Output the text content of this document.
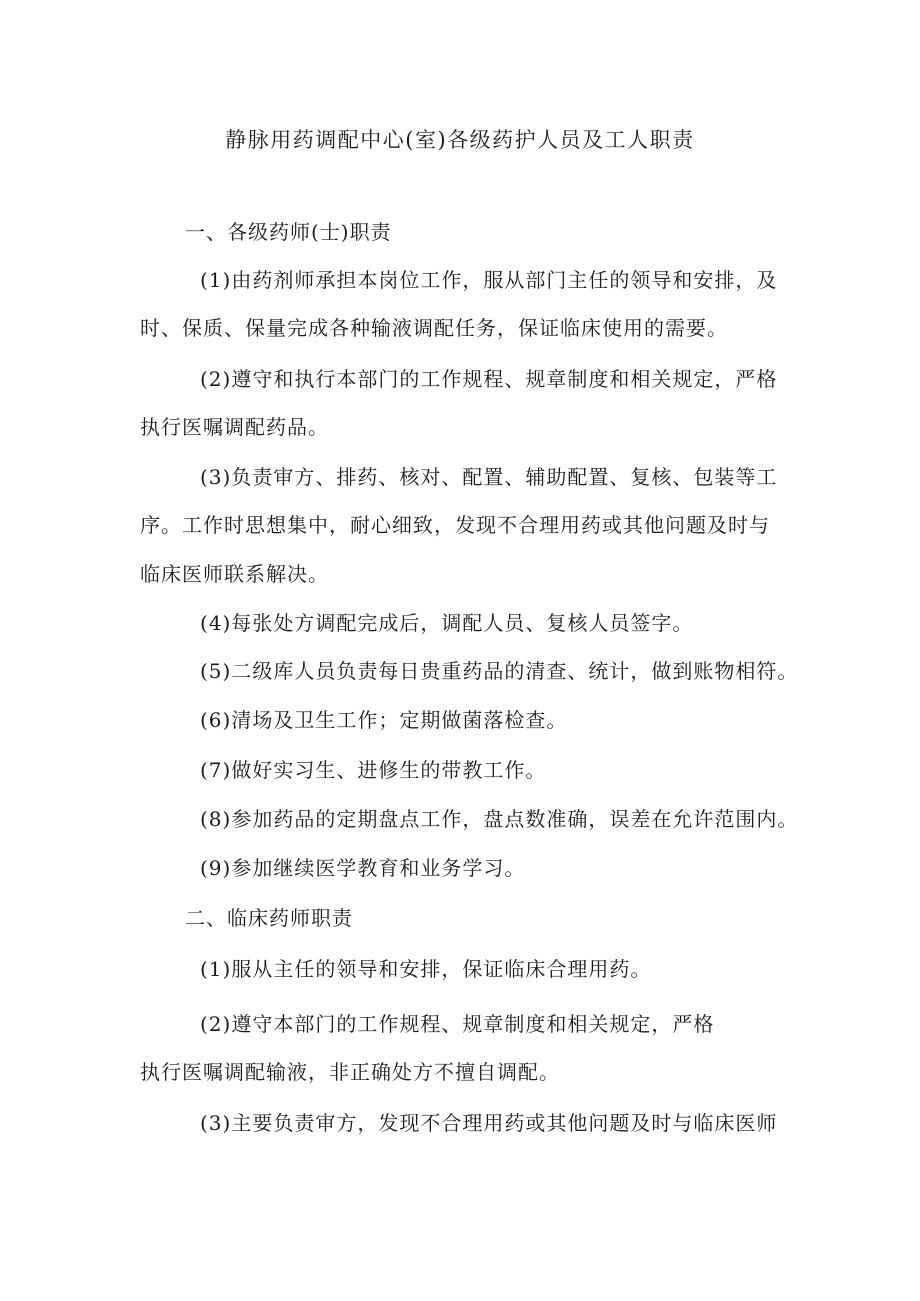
静脉用药调配中心(室)各级药护人员及工人职责
一、各级药师(士)职责
(1)由药剂师承担本岗位工作，服从部门主任的领导和安排，及
时、保质、保量完成各种输液调配任务，保证临床使用的需要。
(2)遵守和执行本部门的工作规程、规章制度和相关规定，严格
执行医嘱调配药品。
(3)负责审方、排药、核对、配置、辅助配置、复核、包装等工
序。工作时思想集中，耐心细致，发现不合理用药或其他问题及时与
临床医师联系解决。
(4)每张处方调配完成后，调配人员、复核人员签字。
(5)二级库人员负责每日贵重药品的清查、统计，做到账物相符。
(6)清场及卫生工作；定期做菌落检查。
(7)做好实习生、进修生的带教工作。
(8)参加药品的定期盘点工作，盘点数准确，误差在允许范围内。
(9)参加继续医学教育和业务学习。
二、临床药师职责
(1)服从主任的领导和安排，保证临床合理用药。
(2)遵守本部门的工作规程、规章制度和相关规定，严格
执行医嘱调配输液，非正确处方不擅自调配。
(3)主要负责审方，发现不合理用药或其他问题及时与临床医师
